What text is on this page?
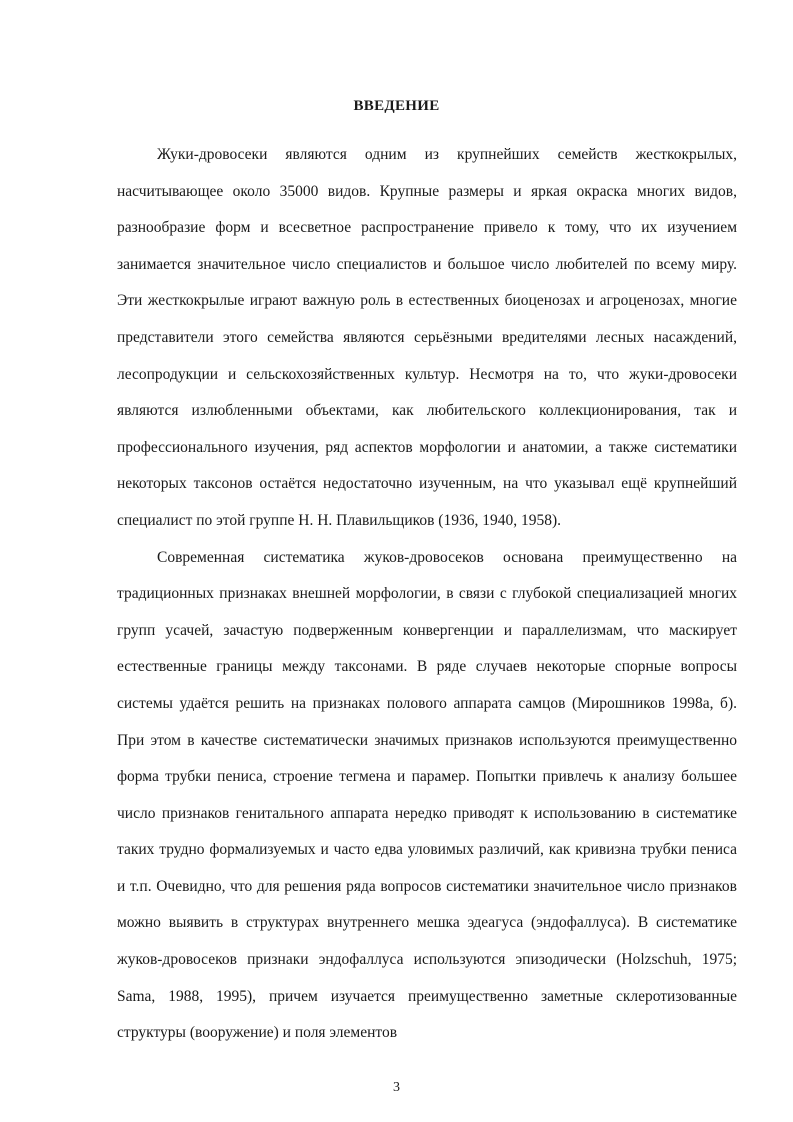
ВВЕДЕНИЕ

Жуки-дровосеки являются одним из крупнейших семейств жесткокрылых, насчитывающее около 35000 видов. Крупные размеры и яркая окраска многих видов, разнообразие форм и всесветное распространение привело к тому, что их изучением занимается значительное число специалистов и большое число любителей по всему миру. Эти жесткокрылые играют важную роль в естественных биоценозах и агроценозах, многие представители этого семейства являются серьёзными вредителями лесных насаждений, лесопродукции и сельскохозяйственных культур. Несмотря на то, что жуки-дровосеки являются излюбленными объектами, как любительского коллекционирования, так и профессионального изучения, ряд аспектов морфологии и анатомии, а также систематики некоторых таксонов остаётся недостаточно изученным, на что указывал ещё крупнейший специалист по этой группе Н. Н. Плавильщиков (1936, 1940, 1958).

Современная систематика жуков-дровосеков основана преимущественно на традиционных признаках внешней морфологии, в связи с глубокой специализацией многих групп усачей, зачастую подверженным конвергенции и параллелизмам, что маскирует естественные границы между таксонами. В ряде случаев некоторые спорные вопросы системы удаётся решить на признаках полового аппарата самцов (Мирошников 1998а, б). При этом в качестве систематически значимых признаков используются преимущественно форма трубки пениса, строение тегмена и парамер. Попытки привлечь к анализу большее число признаков генитального аппарата нередко приводят к использованию в систематике таких трудно формализуемых и часто едва уловимых различий, как кривизна трубки пениса и т.п. Очевидно, что для решения ряда вопросов систематики значительное число признаков можно выявить в структурах внутреннего мешка эдеагуса (эндофаллуса). В систематике жуков-дровосеков признаки эндофаллуса используются эпизодически (Holzschuh, 1975; Sama, 1988, 1995), причем изучается преимущественно заметные склеротизованные структуры (вооружение) и поля элементов

3
